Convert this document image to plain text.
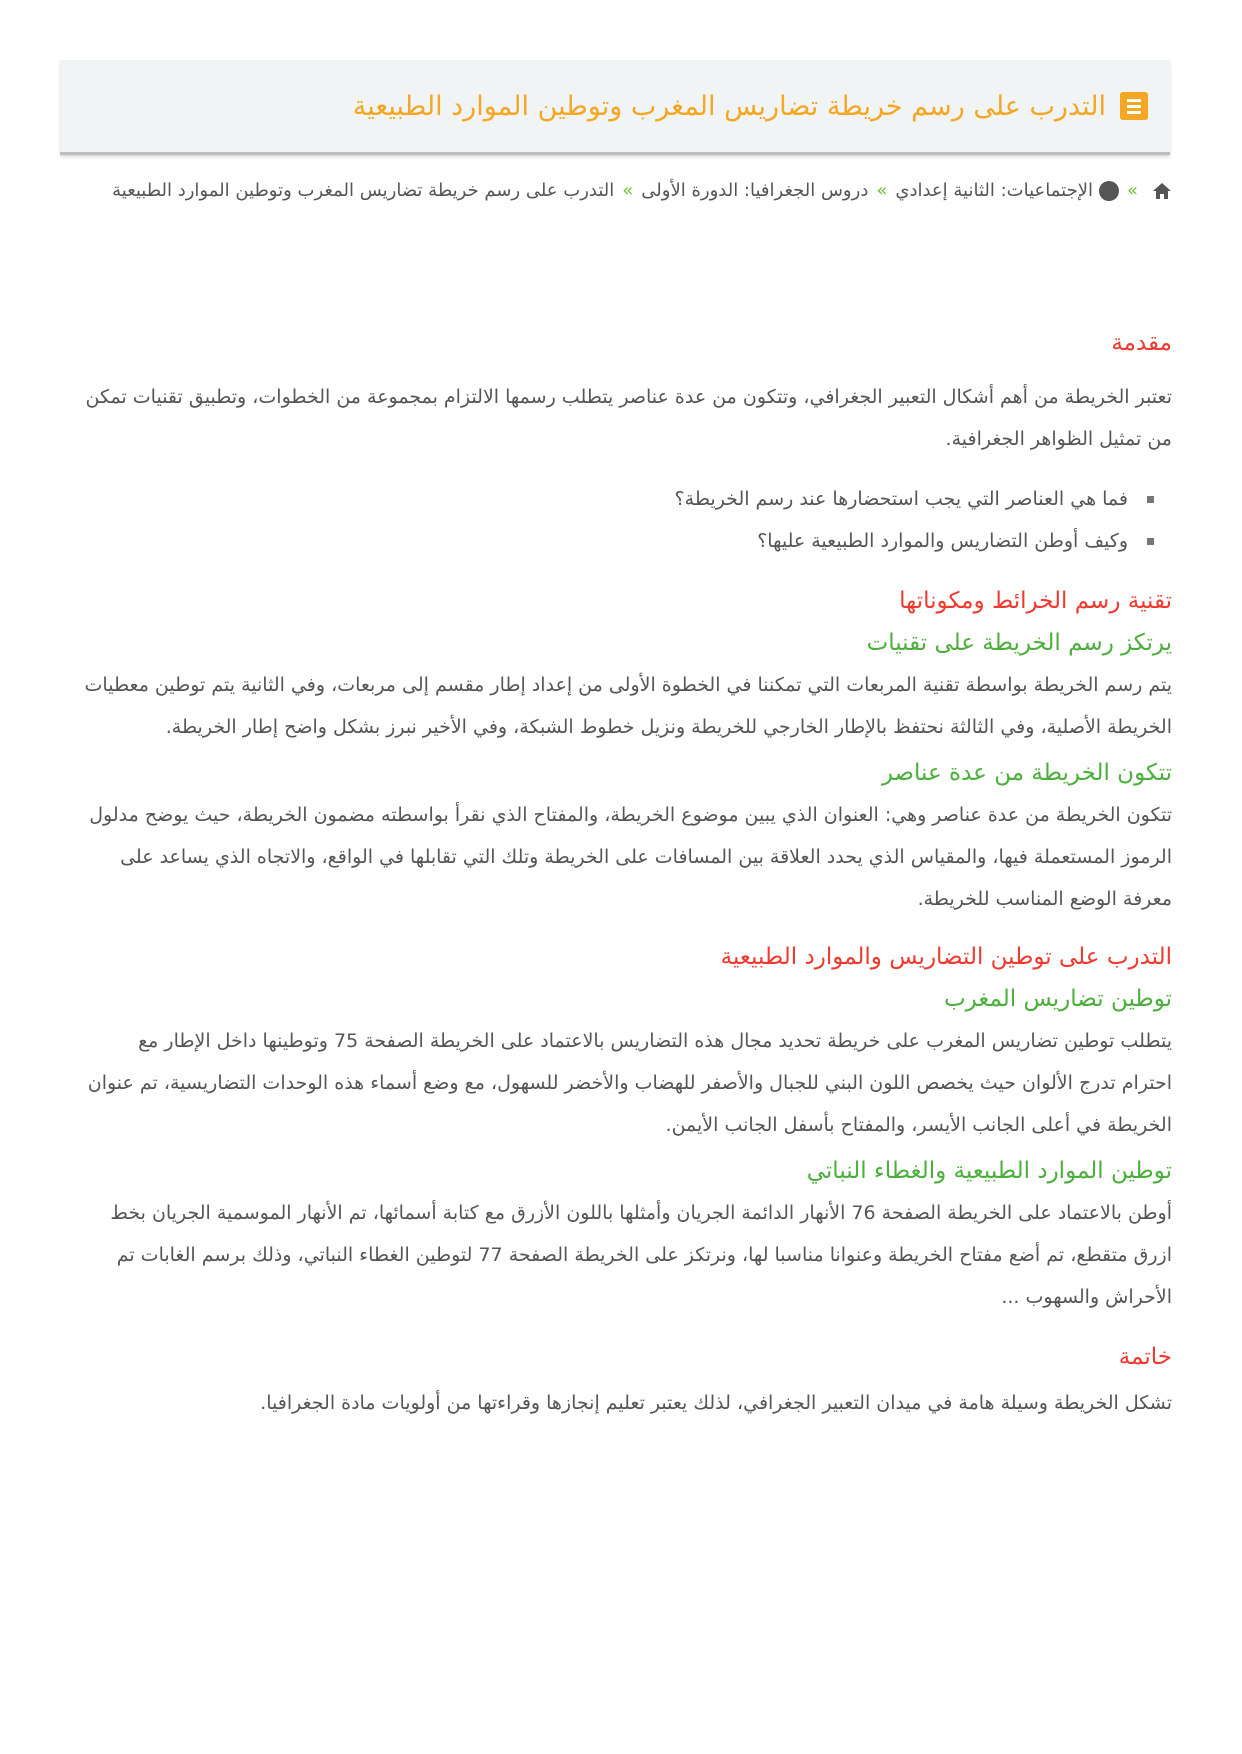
التدرب على رسم خريطة تضاريس المغرب وتوطين الموارد الطبيعية
»الإجتماعيات: الثانية إعدادي»دروس الجغرافيا: الدورة الأولى»التدرب على رسم خريطة تضاريس المغرب وتوطين الموارد الطبيعية
مقدمة

تعتبر الخريطة من أهم أشكال التعبير الجغرافي، وتتكون من عدة عناصر يتطلب رسمها الالتزام بمجموعة من الخطوات، وتطبيق تقنيات تمكن من تمثيل الظواهر الجغرافية.

فما هي العناصر التي يجب استحضارها عند رسم الخريطة؟
وكيف أوطن التضاريس والموارد الطبيعية عليها؟
تقنية رسم الخرائط ومكوناتها
يرتكز رسم الخريطة على تقنيات

يتم رسم الخريطة بواسطة تقنية المربعات التي تمكننا في الخطوة الأولى من إعداد إطار مقسم إلى مربعات، وفي الثانية يتم توطين معطيات الخريطة الأصلية، وفي الثالثة نحتفظ بالإطار الخارجي للخريطة ونزيل خطوط الشبكة، وفي الأخير نبرز بشكل واضح إطار الخريطة.

تتكون الخريطة من عدة عناصر

تتكون الخريطة من عدة عناصر وهي: العنوان الذي يبين موضوع الخريطة، والمفتاح الذي نقرأ بواسطته مضمون الخريطة، حيث يوضح مدلول الرموز المستعملة فيها، والمقياس الذي يحدد العلاقة بين المسافات على الخريطة وتلك التي تقابلها في الواقع، والاتجاه الذي يساعد على معرفة الوضع المناسب للخريطة.

التدرب على توطين التضاريس والموارد الطبيعية
توطين تضاريس المغرب

يتطلب توطين تضاريس المغرب على خريطة تحديد مجال هذه التضاريس بالاعتماد على الخريطة الصفحة 75 وتوطينها داخل الإطار مع احترام تدرج الألوان حيث يخصص اللون البني للجبال والأصفر للهضاب والأخضر للسهول، مع وضع أسماء هذه الوحدات التضاريسية، تم عنوان الخريطة في أعلى الجانب الأيسر، والمفتاح بأسفل الجانب الأيمن.

توطين الموارد الطبيعية والغطاء النباتي

أوطن بالاعتماد على الخريطة الصفحة 76 الأنهار الدائمة الجريان وأمثلها باللون الأزرق مع كتابة أسمائها، تم الأنهار الموسمية الجريان بخط ازرق متقطع، تم أضع مفتاح الخريطة وعنوانا مناسبا لها، ونرتكز على الخريطة الصفحة 77 لتوطين الغطاء النباتي، وذلك برسم الغابات تم الأحراش والسهوب ...

خاتمة

تشكل الخريطة وسيلة هامة في ميدان التعبير الجغرافي، لذلك يعتبر تعليم إنجازها وقراءتها من أولويات مادة الجغرافيا.
